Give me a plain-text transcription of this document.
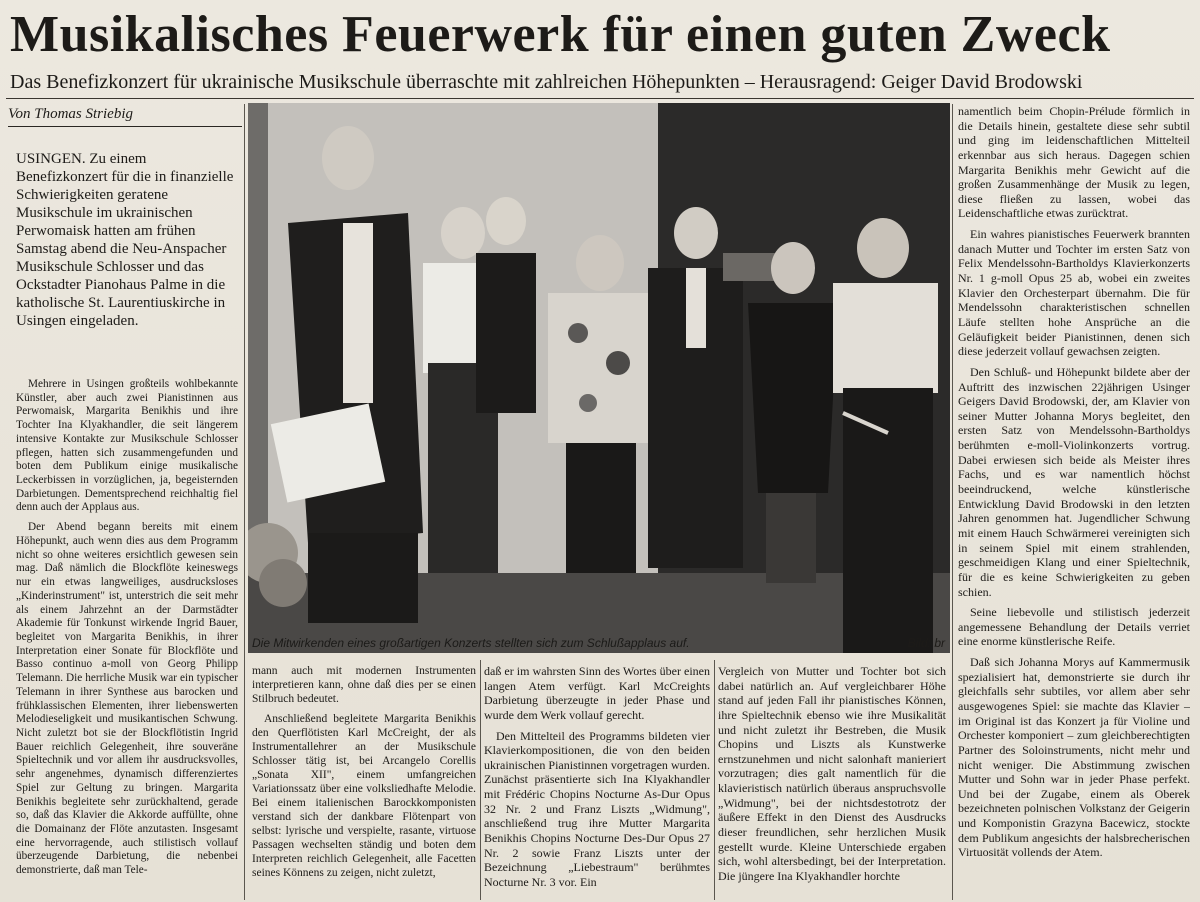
Musikalisches Feuerwerk für einen guten Zweck
Das Benefizkonzert für ukrainische Musikschule überraschte mit zahlreichen Höhepunkten – Herausragend: Geiger David Brodowski
Von Thomas Striebig
USINGEN. Zu einem Benefizkonzert für die in finanzielle Schwierigkeiten geratene Musikschule im ukrainischen Perwomaisk hatten am frühen Samstag abend die Neu-Anspacher Musikschule Schlosser und das Ockstadter Pianohaus Palme in die katholische St. Laurentiuskirche in Usingen eingeladen.

Mehrere in Usingen großteils wohlbekannte Künstler, aber auch zwei Pianistinnen aus Perwomaisk, Margarita Benikhis und ihre Tochter Ina Klyakhandler, die seit längerem intensive Kontakte zur Musikschule Schlosser pflegen, hatten sich zusammengefunden und boten dem Publikum einige musikalische Leckerbissen in vorzüglichen, ja, begeisternden Darbietungen. Dementsprechend reichhaltig fiel denn auch der Applaus aus.

Der Abend begann bereits mit einem Höhepunkt, auch wenn dies aus dem Programm nicht so ohne weiteres ersichtlich gewesen sein mag. Daß nämlich die Blockflöte keineswegs nur ein etwas langweiliges, ausdrucksloses „Kinderinstrument" ist, unterstrich die seit mehr als einem Jahrzehnt an der Darmstädter Akademie für Tonkunst wirkende Ingrid Bauer, begleitet von Margarita Benikhis, in ihrer Interpretation einer Sonate für Blockflöte und Basso continuo a-moll von Georg Philipp Telemann. Die herrliche Musik war ein typischer Telemann in ihrer Synthese aus barocken und frühklassischen Elementen, ihrer liebenswerten Melodieseligkeit und musikantischen Schwung. Nicht zuletzt bot sie der Blockflötistin Ingrid Bauer reichlich Gelegenheit, ihre souveräne Spieltechnik und vor allem ihr ausdrucksvolles, sehr angenehmes, dynamisch differenziertes Spiel zur Geltung zu bringen. Margarita Benikhis begleitete sehr zurückhaltend, gerade so, daß das Klavier die Akkorde auffüllte, ohne die Domainanz der Flöte anzutasten. Insgesamt eine hervorragende, auch stilistisch vollauf überzeugende Darbietung, die nebenbei demonstrierte, daß man Tele-

Die Mitwirkenden eines großartigen Konzerts stellten sich zum Schlußapplaus auf.	Bild: br

mann auch mit modernen Instrumenten interpretieren kann, ohne daß dies per se einen Stilbruch bedeutet.

Anschließend begleitete Margarita Benikhis den Querflötisten Karl McCreight, der als Instrumentallehrer an der Musikschule Schlosser tätig ist, bei Arcangelo Corellis „Sonata XII", einem umfangreichen Variationssatz über eine volksliedhafte Melodie. Bei einem italienischen Barockkomponisten verstand sich der dankbare Flötenpart von selbst: lyrische und verspielte, rasante, virtuose Passagen wechselten ständig und boten dem Interpreten reichlich Gelegenheit, alle Facetten seines Könnens zu zeigen, nicht zuletzt,

daß er im wahrsten Sinn des Wortes über einen langen Atem verfügt. Karl McCreights Darbietung überzeugte in jeder Phase und wurde dem Werk vollauf gerecht.

Den Mittelteil des Programms bildeten vier Klavierkompositionen, die von den beiden ukrainischen Pianistinnen vorgetragen wurden. Zunächst präsentierte sich Ina Klyakhandler mit Frédéric Chopins Nocturne As-Dur Opus 32 Nr. 2 und Franz Liszts „Widmung", anschließend trug ihre Mutter Margarita Benikhis Chopins Nocturne Des-Dur Opus 27 Nr. 2 sowie Franz Liszts unter der Bezeichnung „Liebestraum" berühmtes Nocturne Nr. 3 vor. Ein

Vergleich von Mutter und Tochter bot sich dabei natürlich an. Auf vergleichbarer Höhe stand auf jeden Fall ihr pianistisches Können, ihre Spieltechnik ebenso wie ihre Musikalität und nicht zuletzt ihr Bestreben, die Musik Chopins und Liszts als Kunstwerke ernstzunehmen und nicht salonhaft manieriert vorzutragen; dies galt namentlich für die klavieristisch natürlich überaus anspruchsvolle „Widmung", bei der nichtsdestotrotz der äußere Effekt in den Dienst des Ausdrucks dieser freundlichen, sehr herzlichen Musik gestellt wurde. Kleine Unterschiede ergaben sich, wohl altersbedingt, bei der Interpretation. Die jüngere Ina Klyakhandler horchte

namentlich beim Chopin-Prélude förmlich in die Details hinein, gestaltete diese sehr subtil und ging im leidenschaftlichen Mittelteil erkennbar aus sich heraus. Dagegen schien Margarita Benikhis mehr Gewicht auf die großen Zusammenhänge der Musik zu legen, diese fließen zu lassen, wobei das Leidenschaftliche etwas zurücktrat.

Ein wahres pianistisches Feuerwerk brannten danach Mutter und Tochter im ersten Satz von Felix Mendelssohn-Bartholdys Klavierkonzerts Nr. 1 g-moll Opus 25 ab, wobei ein zweites Klavier den Orchesterpart übernahm. Die für Mendelssohn charakteristischen schnellen Läufe stellten hohe Ansprüche an die Geläufigkeit beider Pianistinnen, denen sich diese jederzeit vollauf gewachsen zeigten.

Den Schluß- und Höhepunkt bildete aber der Auftritt des inzwischen 22jährigen Usinger Geigers David Brodowski, der, am Klavier von seiner Mutter Johanna Morys begleitet, den ersten Satz von Mendelssohn-Bartholdys berühmten e-moll-Violinkonzerts vortrug. Dabei erwiesen sich beide als Meister ihres Fachs, und es war namentlich höchst beeindruckend, welche künstlerische Entwicklung David Brodowski in den letzten Jahren genommen hat. Jugendlicher Schwung mit einem Hauch Schwärmerei vereinigten sich in seinem Spiel mit einem strahlenden, geschmeidigen Klang und einer Spieltechnik, für die es keine Schwierigkeiten zu geben schien.

Seine liebevolle und stilistisch jederzeit angemessene Behandlung der Details verriet eine enorme künstlerische Reife.

Daß sich Johanna Morys auf Kammermusik spezialisiert hat, demonstrierte sie durch ihr gleichfalls sehr subtiles, vor allem aber sehr ausgewogenes Spiel: sie machte das Klavier – im Original ist das Konzert ja für Violine und Orchester komponiert – zum gleichberechtigten Partner des Soloinstruments, nicht mehr und nicht weniger. Die Abstimmung zwischen Mutter und Sohn war in jeder Phase perfekt. Und bei der Zugabe, einem als Oberek bezeichneten polnischen Volkstanz der Geigerin und Komponistin Grazyna Bacewicz, stockte dem Publikum angesichts der halsbrecherischen Virtuosität vollends der Atem.
